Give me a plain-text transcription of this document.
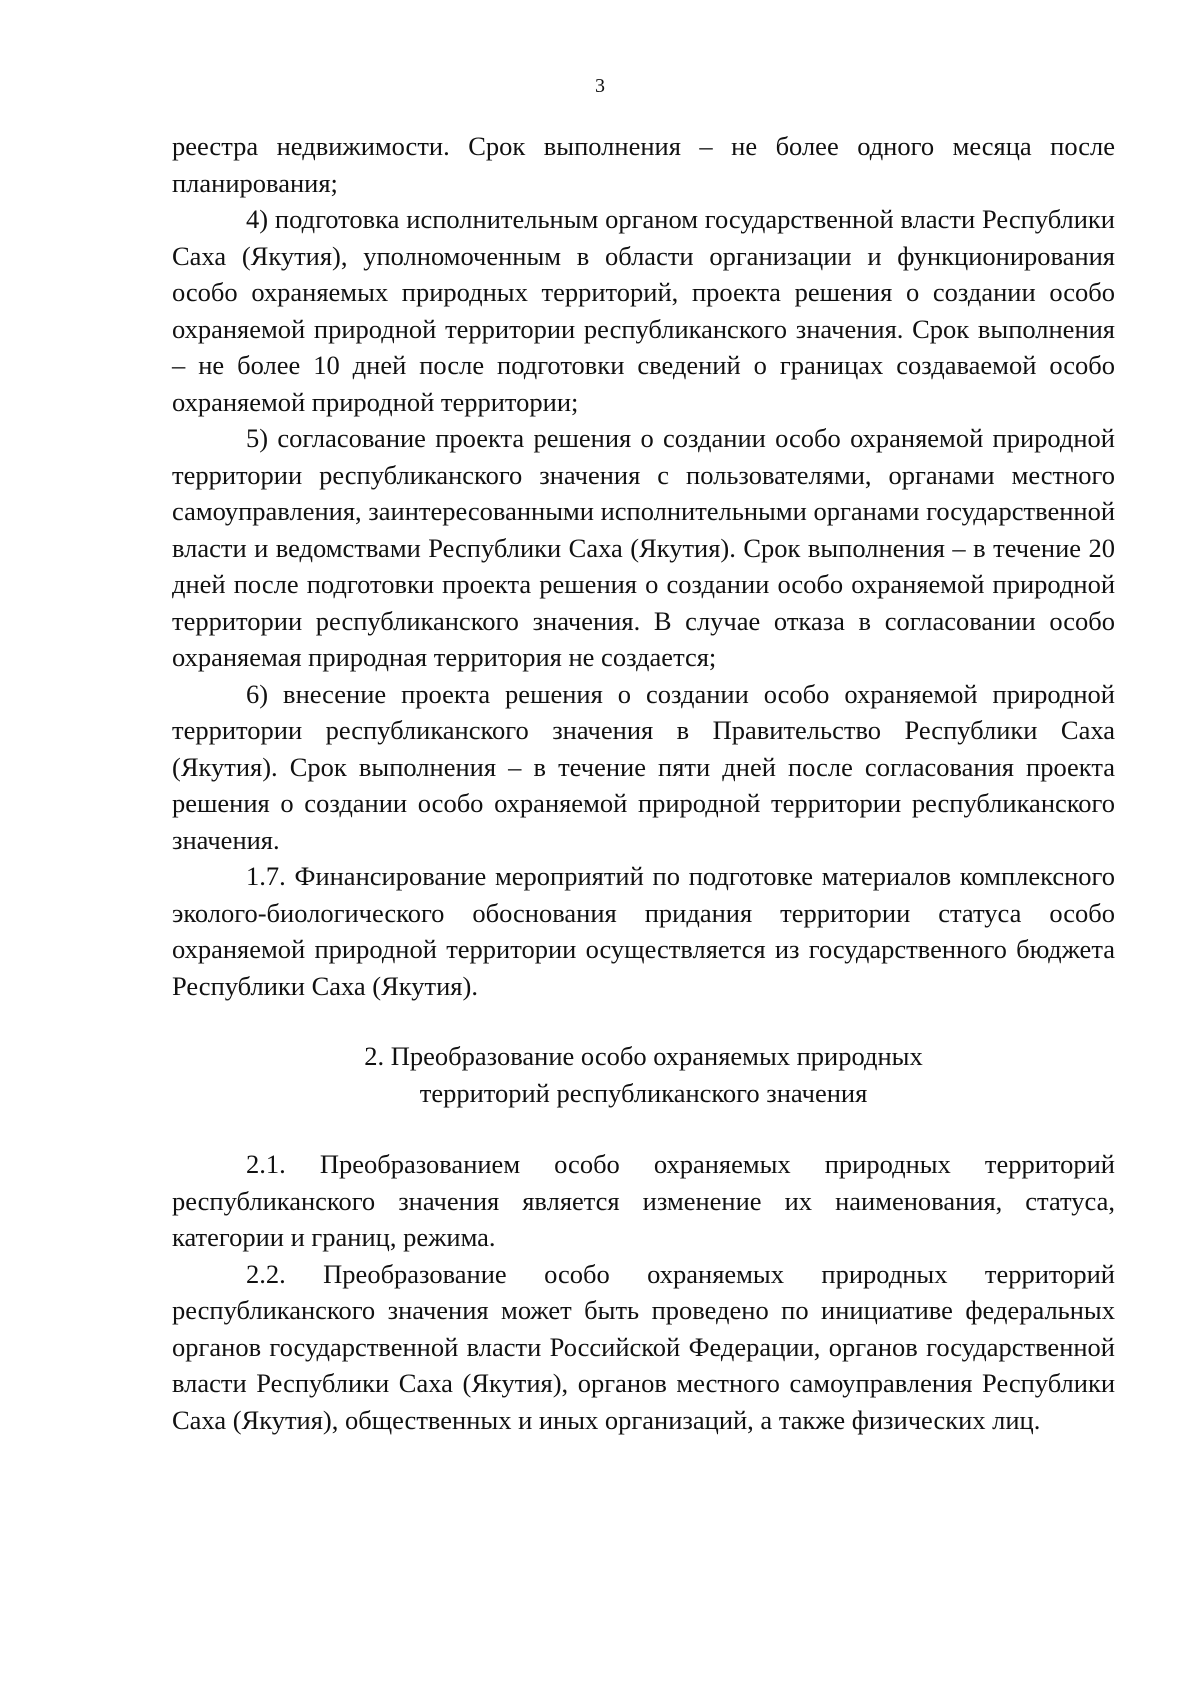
3

реестра недвижимости. Срок выполнения – не более одного месяца после планирования;

4) подготовка исполнительным органом государственной власти Республики Саха (Якутия), уполномоченным в области организации и функционирования особо охраняемых природных территорий, проекта решения о создании особо охраняемой природной территории республиканского значения. Срок выполнения – не более 10 дней после подготовки сведений о границах создаваемой особо охраняемой природной территории;

5) согласование проекта решения о создании особо охраняемой природной территории республиканского значения с пользователями, органами местного самоуправления, заинтересованными исполнительными органами государственной власти и ведомствами Республики Саха (Якутия). Срок выполнения – в течение 20 дней после подготовки проекта решения о создании особо охраняемой природной территории республиканского значения. В случае отказа в согласовании особо охраняемая природная территория не создается;

6) внесение проекта решения о создании особо охраняемой природной территории республиканского значения в Правительство Республики Саха (Якутия). Срок выполнения – в течение пяти дней после согласования проекта решения о создании особо охраняемой природной территории республиканского значения.

1.7. Финансирование мероприятий по подготовке материалов комплексного эколого-биологического обоснования придания территории статуса особо охраняемой природной территории осуществляется из государственного бюджета Республики Саха (Якутия).

2. Преобразование особо охраняемых природных
территорий республиканского значения

2.1. Преобразованием особо охраняемых природных территорий республиканского значения является изменение их наименования, статуса, категории и границ, режима.

2.2. Преобразование особо охраняемых природных территорий республиканского значения может быть проведено по инициативе федеральных органов государственной власти Российской Федерации, органов государственной власти Республики Саха (Якутия), органов местного самоуправления Республики Саха (Якутия), общественных и иных организаций, а также физических лиц.
